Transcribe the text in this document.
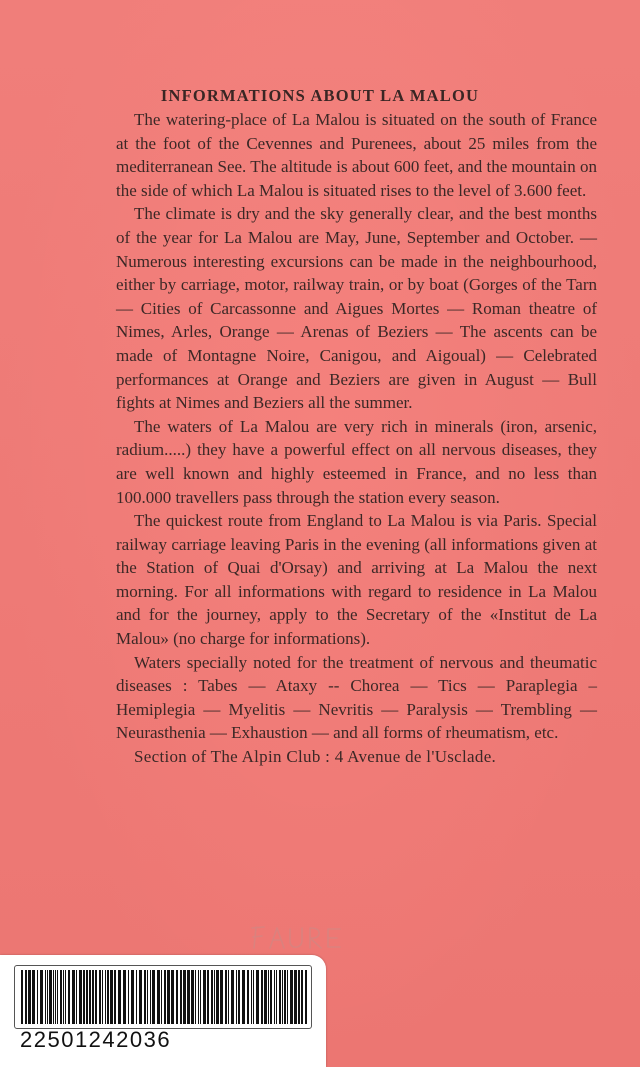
INFORMATIONS ABOUT LA MALOU

The watering-place of La Malou is situated on the south of France at the foot of the Cevennes and Purenees, about 25 miles from the mediterranean See. The altitude is about 600 feet, and the mountain on the side of which La Malou is situated rises to the level of 3.600 feet.

The climate is dry and the sky generally clear, and the best months of the year for La Malou are May, June, September and October. — Numerous interesting excursions can be made in the neighbourhood, either by carriage, motor, railway train, or by boat (Gorges of the Tarn — Cities of Carcassonne and Aigues Mortes — Roman theatre of Nimes, Arles, Orange — Arenas of Beziers — The ascents can be made of Montagne Noire, Canigou, and Aigoual) — Celebrated performances at Orange and Beziers are given in August — Bull fights at Nimes and Beziers all the summer.

The waters of La Malou are very rich in minerals (iron, arsenic, radium.....) they have a powerful effect on all nervous diseases, they are well known and highly esteemed in France, and no less than 100.000 travellers pass through the station every season.

The quickest route from England to La Malou is via Paris. Special railway carriage leaving Paris in the evening (all informations given at the Station of Quai d'Orsay) and arriving at La Malou the next morning. For all informations with regard to residence in La Malou and for the journey, apply to the Secretary of the «Institut de La Malou» (no charge for informations).

Waters specially noted for the treatment of nervous and theumatic diseases : Tabes — Ataxy -- Chorea — Tics — Paraplegia – Hemiplegia — Myelitis — Nevritis — Paralysis — Trembling — Neurasthenia — Exhaustion — and all forms of rheumatism, etc.

Section of The Alpin Club : 4 Avenue de l'Usclade.

22501242036
